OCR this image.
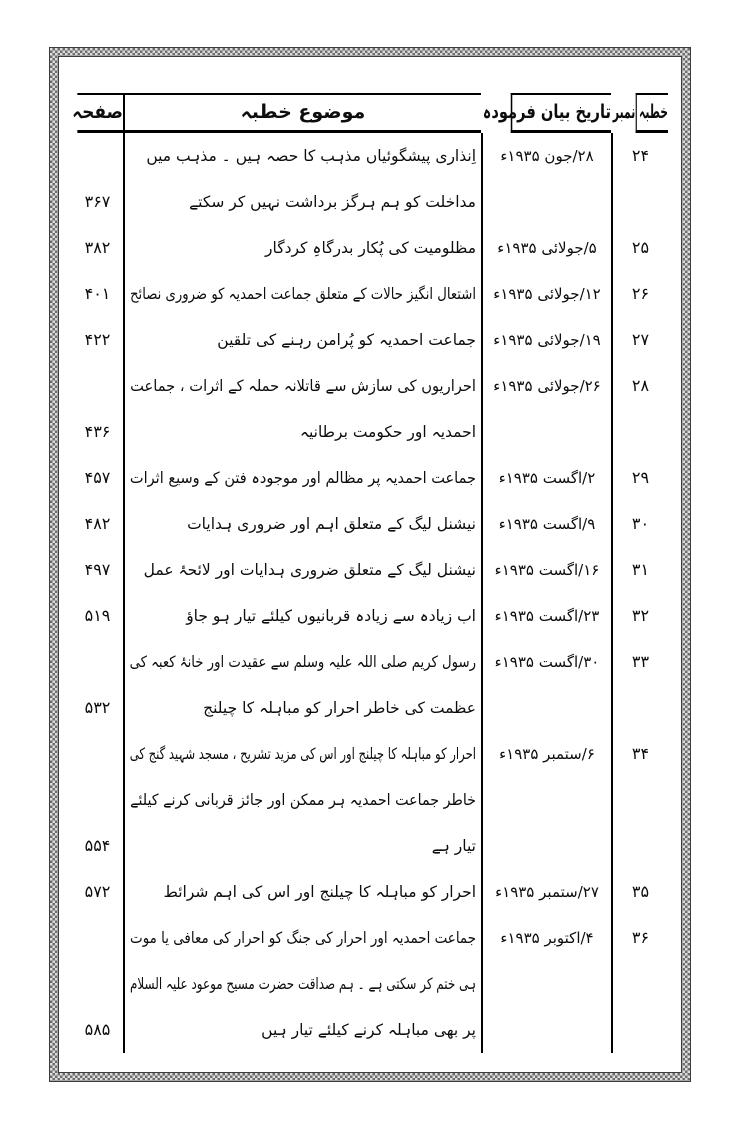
خطبہ نمبر
تاریخ بیان فرمودہ
موضوع خطبہ
صفحہ
۲۴
۲۸/جون ۱۹۳۵ء
اِنذاری پیشگوئیاں مذہب کا حصہ ہیں ۔ مذہب میں
مداخلت کو ہم ہرگز برداشت نہیں کر سکتے
۳۶۷
۲۵
۵/جولائی ۱۹۳۵ء
مظلومیت کی پُکار بدرگاہِ کردگار
۳۸۲
۲۶
۱۲/جولائی ۱۹۳۵ء
اشتعال انگیز حالات کے متعلق جماعت احمدیہ کو ضروری نصائح
۴۰۱
۲۷
۱۹/جولائی ۱۹۳۵ء
جماعت احمدیہ کو پُرامن رہنے کی تلقین
۴۲۲
۲۸
۲۶/جولائی ۱۹۳۵ء
احراریوں کی سازش سے قاتلانہ حملہ کے اثرات ، جماعت
احمدیہ اور حکومت برطانیہ
۴۳۶
۲۹
۲/اگست ۱۹۳۵ء
جماعت احمدیہ پر مظالم اور موجودہ فتن کے وسیع اثرات
۴۵۷
۳۰
۹/اگست ۱۹۳۵ء
نیشنل لیگ کے متعلق اہم اور ضروری ہدایات
۴۸۲
۳۱
۱۶/اگست ۱۹۳۵ء
نیشنل لیگ کے متعلق ضروری ہدایات اور لائحۂ عمل
۴۹۷
۳۲
۲۳/اگست ۱۹۳۵ء
اب زیادہ سے زیادہ قربانیوں کیلئے تیار ہو جاؤ
۵۱۹
۳۳
۳۰/اگست ۱۹۳۵ء
رسول کریم صلی اللہ علیہ وسلم سے عقیدت اور خانۂ کعبہ کی
عظمت کی خاطر احرار کو مباہلہ کا چیلنج
۵۳۲
۳۴
۶/ستمبر ۱۹۳۵ء
احرار کو مباہلہ کا چیلنج اور اس کی مزید تشریح ، مسجد شہید گنج کی
خاطر جماعت احمدیہ ہر ممکن اور جائز قربانی کرنے کیلئے
تیار ہے
۵۵۴
۳۵
۲۷/ستمبر ۱۹۳۵ء
احرار کو مباہلہ کا چیلنج اور اس کی اہم شرائط
۵۷۲
۳۶
۴/اکتوبر ۱۹۳۵ء
جماعت احمدیہ اور احرار کی جنگ کو احرار کی معافی یا موت
ہی ختم کر سکتی ہے ۔ ہم صداقت حضرت مسیح موعود علیہ السلام
پر بھی مباہلہ کرنے کیلئے تیار ہیں
۵۸۵
